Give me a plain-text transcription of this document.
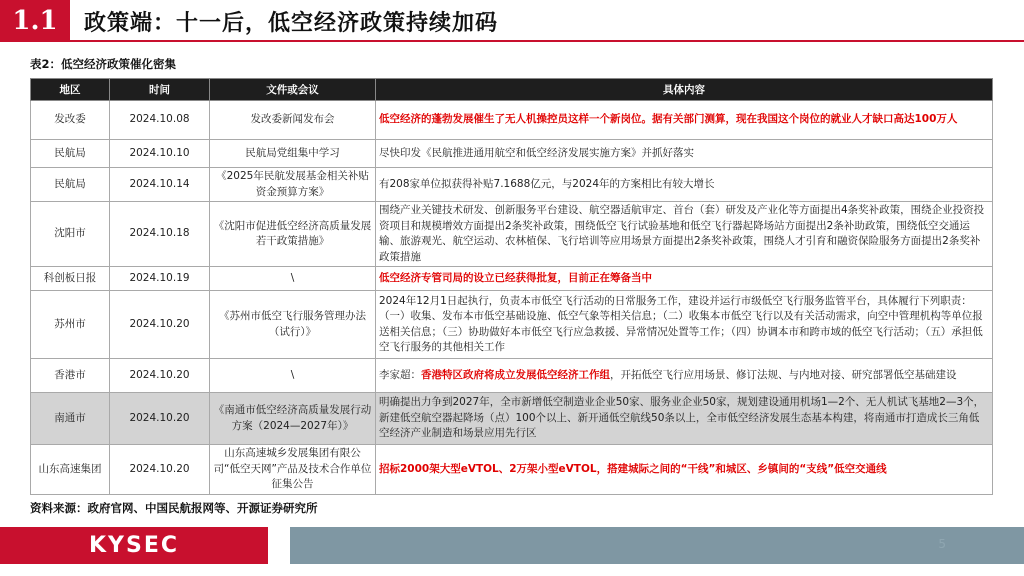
1.1	政策端：十一后，低空经济政策持续加码
表2：低空经济政策催化密集
地区	时间	文件或会议	具体内容
发改委	2024.10.08	发改委新闻发布会	低空经济的蓬勃发展催生了无人机操控员这样一个新岗位。据有关部门测算，现在我国这个岗位的就业人才缺口高达100万人
民航局	2024.10.10	民航局党组集中学习	尽快印发《民航推进通用航空和低空经济发展实施方案》并抓好落实
民航局	2024.10.14	《2025年民航发展基金相关补贴资金预算方案》	有208家单位拟获得补贴7.1688亿元，与2024年的方案相比有较大增长
沈阳市	2024.10.18	《沈阳市促进低空经济高质量发展若干政策措施》	围绕产业关键技术研发、创新服务平台建设、航空器适航审定、首台（套）研发及产业化等方面提出4条奖补政策，围绕企业投资投资项目和规模增效方面提出2条奖补政策，围绕低空飞行试验基地和低空飞行器起降场站方面提出2条补助政策，围绕低空交通运输、旅游观光、航空运动、农林植保、飞行培训等应用场景方面提出2条奖补政策，围绕人才引育和融资保险服务方面提出2条奖补政策措施
科创板日报	2024.10.19	\	低空经济专管司局的设立已经获得批复，目前正在筹备当中
苏州市	2024.10.20	《苏州市低空飞行服务管理办法（试行）》	2024年12月1日起执行，负责本市低空飞行活动的日常服务工作，建设并运行市级低空飞行服务监管平台，具体履行下列职责：（一）收集、发布本市低空基础设施、低空气象等相关信息；（二）收集本市低空飞行以及有关活动需求，向空中管理机构等单位报送相关信息；（三）协助做好本市低空飞行应急救援、异常情况处置等工作；（四）协调本市和跨市域的低空飞行活动；（五）承担低空飞行服务的其他相关工作
香港市	2024.10.20	\	李家超：香港特区政府将成立发展低空经济工作组，开拓低空飞行应用场景、修订法规、与内地对接、研究部署低空基础建设
南通市	2024.10.20	《南通市低空经济高质量发展行动方案（2024—2027年）》	明确提出力争到2027年，全市新增低空制造业企业50家、服务业企业50家，规划建设通用机场1—2个、无人机试飞基地2—3个，新建低空航空器起降场（点）100个以上、新开通低空航线50条以上，全市低空经济发展生态基本构建，将南通市打造成长三角低空经济产业制造和场景应用先行区
山东高速集团	2024.10.20	山东高速城乡发展集团有限公司“低空天网”产品及技术合作单位征集公告	招标2000架大型eVTOL、2万架小型eVTOL，搭建城际之间的“干线”和城区、乡镇间的“支线”低空交通线
资料来源：政府官网、中国民航报网等、开源证券研究所
KYSEC	5
